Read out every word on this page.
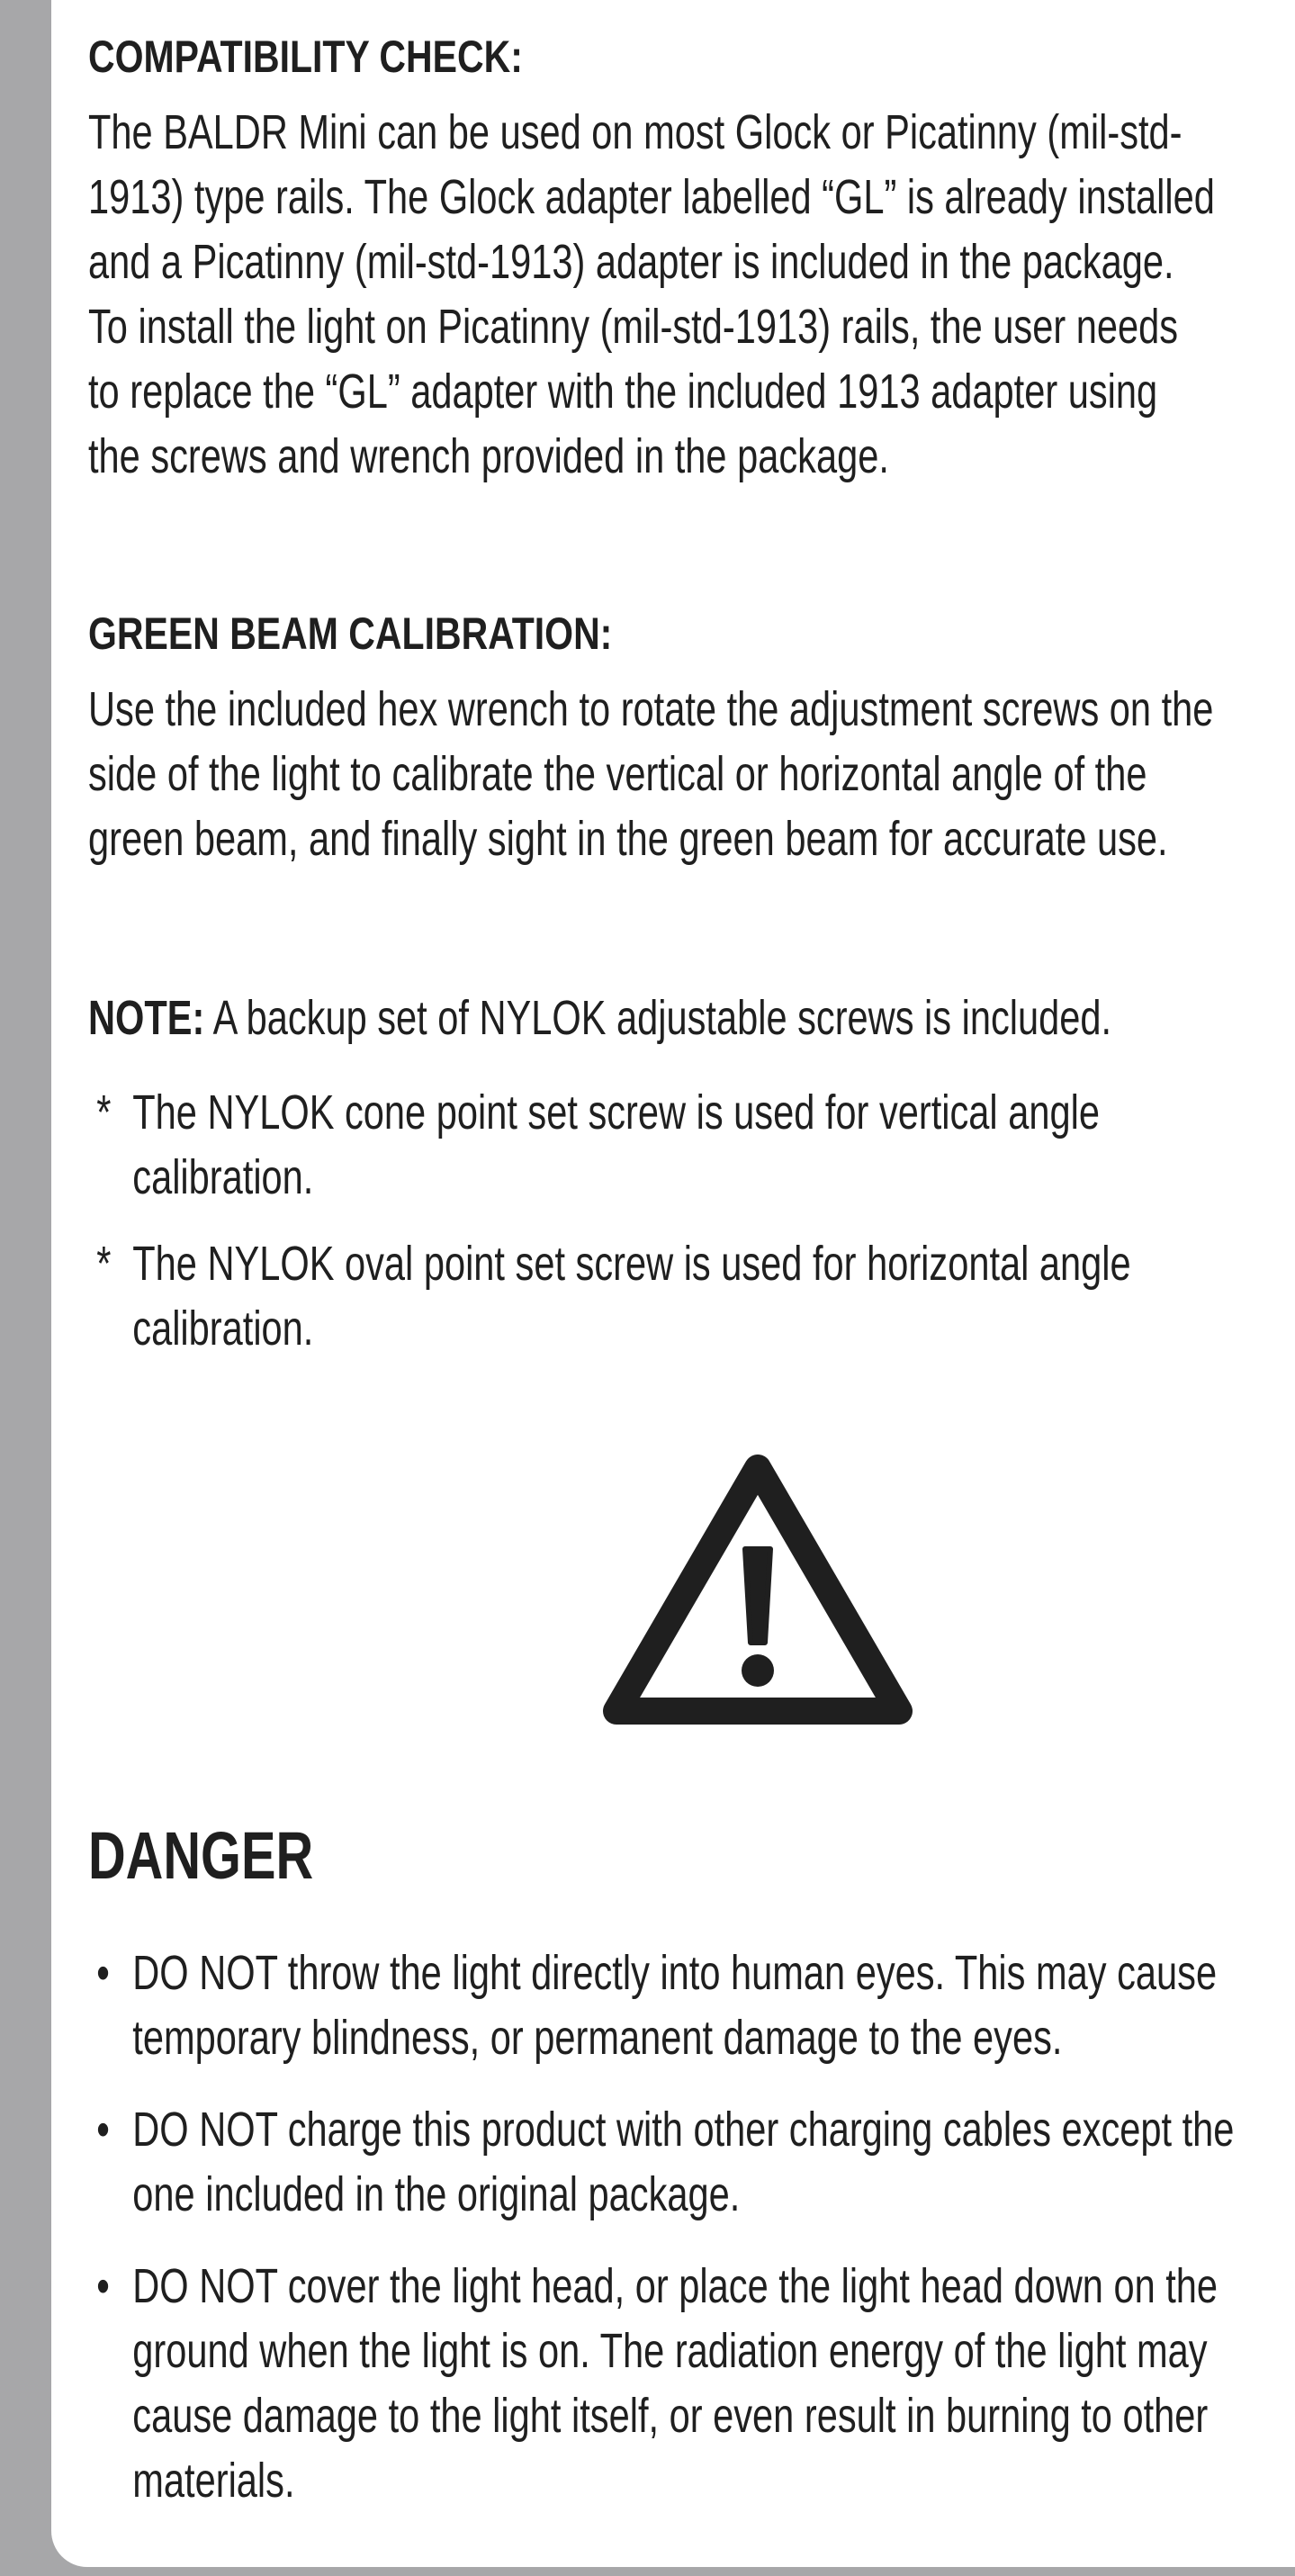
COMPATIBILITY CHECK:
The BALDR Mini can be used on most Glock or Picatinny (mil-std-1913) type rails. The Glock adapter labelled “GL” is already installed and a Picatinny (mil-std-1913) adapter is included in the package. To install the light on Picatinny (mil-std-1913) rails, the user needs to replace the “GL” adapter with the included 1913 adapter using the screws and wrench provided in the package.
GREEN BEAM CALIBRATION:
Use the included hex wrench to rotate the adjustment screws on the side of the light to calibrate the vertical or horizontal angle of the green beam, and finally sight in the green beam for accurate use.
NOTE: A backup set of NYLOK adjustable screws is included.
* The NYLOK cone point set screw is used for vertical angle calibration.
* The NYLOK oval point set screw is used for horizontal angle calibration.
DANGER
• DO NOT throw the light directly into human eyes. This may cause temporary blindness, or permanent damage to the eyes.
• DO NOT charge this product with other charging cables except the one included in the original package.
• DO NOT cover the light head, or place the light head down on the ground when the light is on. The radiation energy of the light may cause damage to the light itself, or even result in burning to other materials.
